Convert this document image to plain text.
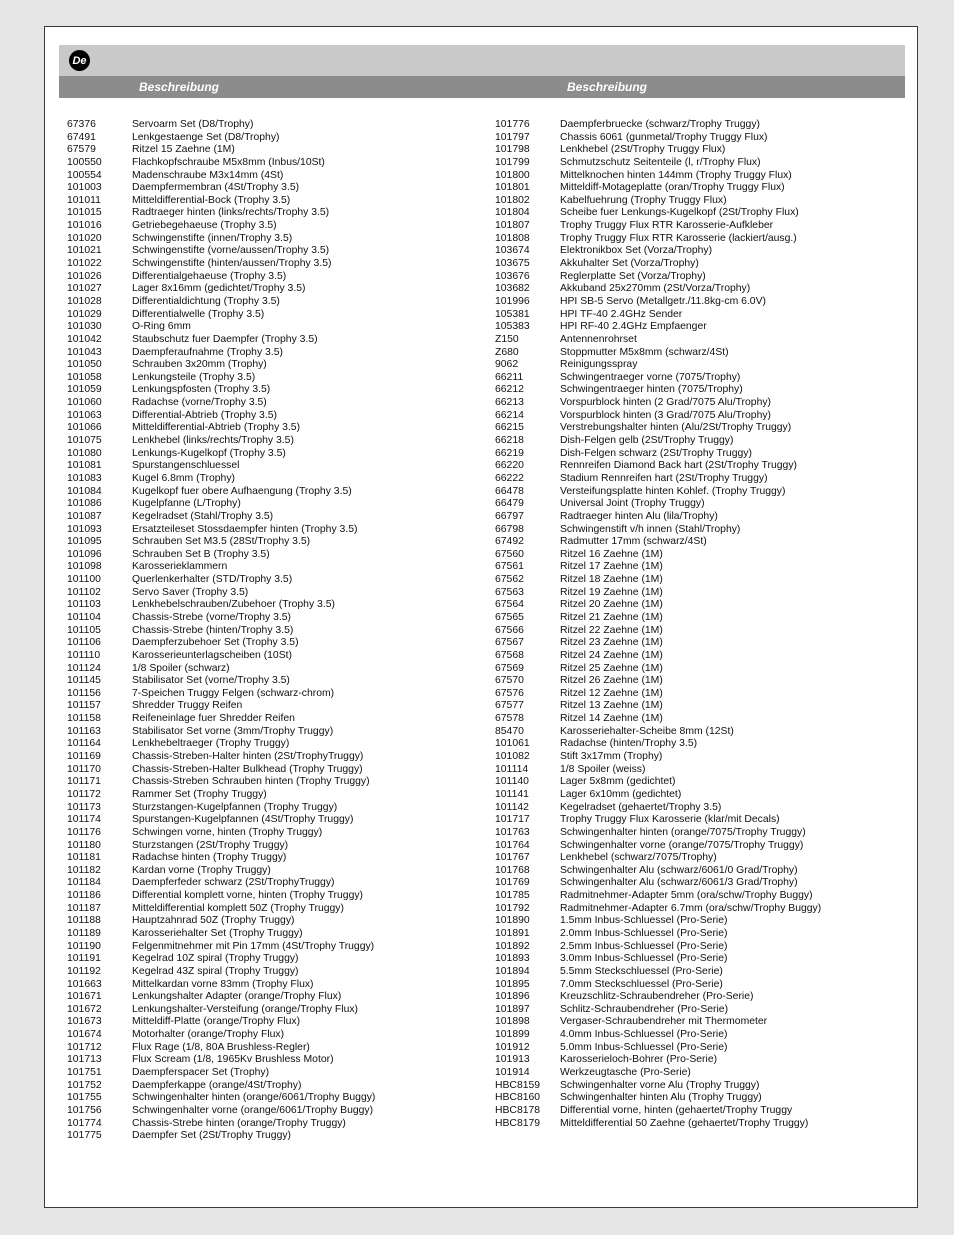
De
Beschreibung	Beschreibung
67376	Servoarm Set (D8/Trophy)
67491	Lenkgestaenge Set (D8/Trophy)
67579	Ritzel 15 Zaehne (1M)
100550	Flachkopfschraube M5x8mm (Inbus/10St)
100554	Madenschraube M3x14mm (4St)
101003	Daempfermembran (4St/Trophy 3.5)
101011	Mitteldifferential-Bock (Trophy 3.5)
101015	Radtraeger hinten (links/rechts/Trophy 3.5)
101016	Getriebegehaeuse (Trophy 3.5)
101020	Schwingenstifte (innen/Trophy 3.5)
101021	Schwingenstifte (vorne/aussen/Trophy 3.5)
101022	Schwingenstifte (hinten/aussen/Trophy 3.5)
101026	Differentialgehaeuse (Trophy 3.5)
101027	Lager 8x16mm (gedichtet/Trophy 3.5)
101028	Differentialdichtung (Trophy 3.5)
101029	Differentialwelle (Trophy 3.5)
101030	O-Ring 6mm
101042	Staubschutz fuer Daempfer (Trophy 3.5)
101043	Daempferaufnahme (Trophy 3.5)
101050	Schrauben 3x20mm (Trophy)
101058	Lenkungsteile (Trophy 3.5)
101059	Lenkungspfosten (Trophy 3.5)
101060	Radachse (vorne/Trophy 3.5)
101063	Differential-Abtrieb (Trophy 3.5)
101066	Mitteldifferential-Abtrieb (Trophy 3.5)
101075	Lenkhebel (links/rechts/Trophy 3.5)
101080	Lenkungs-Kugelkopf (Trophy 3.5)
101081	Spurstangenschluessel
101083	Kugel 6.8mm (Trophy)
101084	Kugelkopf fuer obere Aufhaengung (Trophy 3.5)
101086	Kugelpfanne (L/Trophy)
101087	Kegelradset (Stahl/Trophy 3.5)
101093	Ersatzteileset Stossdaempfer hinten (Trophy 3.5)
101095	Schrauben Set M3.5 (28St/Trophy 3.5)
101096	Schrauben Set B (Trophy 3.5)
101098	Karosserieklammern
101100	Querlenkerhalter (STD/Trophy 3.5)
101102	Servo Saver (Trophy 3.5)
101103	Lenkhebelschrauben/Zubehoer (Trophy 3.5)
101104	Chassis-Strebe (vorne/Trophy 3.5)
101105	Chassis-Strebe (hinten/Trophy 3.5)
101106	Daempferzubehoer Set (Trophy 3.5)
101110	Karosserieunterlagscheiben (10St)
101124	1/8 Spoiler (schwarz)
101145	Stabilisator Set (vorne/Trophy 3.5)
101156	7-Speichen Truggy Felgen (schwarz-chrom)
101157	Shredder Truggy Reifen
101158	Reifeneinlage fuer Shredder Reifen
101163	Stabilisator Set vorne (3mm/Trophy Truggy)
101164	Lenkhebeltraeger (Trophy Truggy)
101169	Chassis-Streben-Halter hinten (2St/TrophyTruggy)
101170	Chassis-Streben-Halter Bulkhead (Trophy Truggy)
101171	Chassis-Streben Schrauben hinten (Trophy Truggy)
101172	Rammer Set (Trophy Truggy)
101173	Sturzstangen-Kugelpfannen (Trophy Truggy)
101174	Spurstangen-Kugelpfannen (4St/Trophy Truggy)
101176	Schwingen vorne, hinten (Trophy Truggy)
101180	Sturzstangen (2St/Trophy Truggy)
101181	Radachse hinten (Trophy Truggy)
101182	Kardan vorne (Trophy Truggy)
101184	Daempferfeder schwarz (2St/TrophyTruggy)
101186	Differential komplett vorne, hinten (Trophy Truggy)
101187	Mitteldifferential komplett 50Z (Trophy Truggy)
101188	Hauptzahnrad 50Z (Trophy Truggy)
101189	Karosseriehalter Set (Trophy Truggy)
101190	Felgenmitnehmer mit Pin 17mm (4St/Trophy Truggy)
101191	Kegelrad 10Z spiral (Trophy Truggy)
101192	Kegelrad 43Z spiral (Trophy Truggy)
101663	Mittelkardan vorne 83mm (Trophy Flux)
101671	Lenkungshalter Adapter (orange/Trophy Flux)
101672	Lenkungshalter-Versteifung (orange/Trophy Flux)
101673	Mitteldiff-Platte (orange/Trophy Flux)
101674	Motorhalter (orange/Trophy Flux)
101712	Flux Rage (1/8, 80A Brushless-Regler)
101713	Flux Scream (1/8, 1965Kv Brushless Motor)
101751	Daempferspacer Set (Trophy)
101752	Daempferkappe (orange/4St/Trophy)
101755	Schwingenhalter hinten (orange/6061/Trophy Buggy)
101756	Schwingenhalter vorne (orange/6061/Trophy Buggy)
101774	Chassis-Strebe hinten (orange/Trophy Truggy)
101775	Daempfer Set (2St/Trophy Truggy)
101776	Daempferbruecke (schwarz/Trophy Truggy)
101797	Chassis 6061 (gunmetal/Trophy Truggy Flux)
101798	Lenkhebel (2St/Trophy Truggy Flux)
101799	Schmutzschutz Seitenteile (l, r/Trophy Flux)
101800	Mittelknochen hinten 144mm (Trophy Truggy Flux)
101801	Mitteldiff-Motageplatte (oran/Trophy Truggy Flux)
101802	Kabelfuehrung (Trophy Truggy Flux)
101804	Scheibe fuer Lenkungs-Kugelkopf (2St/Trophy Flux)
101807	Trophy Truggy Flux RTR Karosserie-Aufkleber
101808	Trophy Truggy Flux RTR Karosserie (lackiert/ausg.)
103674	Elektronikbox Set (Vorza/Trophy)
103675	Akkuhalter Set (Vorza/Trophy)
103676	Reglerplatte Set (Vorza/Trophy)
103682	Akkuband 25x270mm (2St/Vorza/Trophy)
101996	HPI SB-5 Servo (Metallgetr./11.8kg-cm 6.0V)
105381	HPI TF-40 2.4GHz Sender
105383	HPI RF-40 2.4GHz Empfaenger
Z150	Antennenrohrset
Z680	Stoppmutter M5x8mm (schwarz/4St)
9062	Reinigungsspray
66211	Schwingentraeger vorne (7075/Trophy)
66212	Schwingentraeger hinten (7075/Trophy)
66213	Vorspurblock hinten (2 Grad/7075 Alu/Trophy)
66214	Vorspurblock hinten (3 Grad/7075 Alu/Trophy)
66215	Verstrebungshalter hinten (Alu/2St/Trophy Truggy)
66218	Dish-Felgen gelb (2St/Trophy Truggy)
66219	Dish-Felgen schwarz (2St/Trophy Truggy)
66220	Rennreifen Diamond Back hart (2St/Trophy Truggy)
66222	Stadium Rennreifen hart (2St/Trophy Truggy)
66478	Versteifungsplatte hinten Kohlef. (Trophy Truggy)
66479	Universal Joint (Trophy Truggy)
66797	Radtraeger hinten Alu (lila/Trophy)
66798	Schwingenstift v/h innen (Stahl/Trophy)
67492	Radmutter 17mm (schwarz/4St)
67560	Ritzel 16 Zaehne (1M)
67561	Ritzel 17 Zaehne (1M)
67562	Ritzel 18 Zaehne (1M)
67563	Ritzel 19 Zaehne (1M)
67564	Ritzel 20 Zaehne (1M)
67565	Ritzel 21 Zaehne (1M)
67566	Ritzel 22 Zaehne (1M)
67567	Ritzel 23 Zaehne (1M)
67568	Ritzel 24 Zaehne (1M)
67569	Ritzel 25 Zaehne (1M)
67570	Ritzel 26 Zaehne (1M)
67576	Ritzel 12 Zaehne (1M)
67577	Ritzel 13 Zaehne (1M)
67578	Ritzel 14 Zaehne (1M)
85470	Karosseriehalter-Scheibe 8mm (12St)
101061	Radachse (hinten/Trophy 3.5)
101082	Stift 3x17mm (Trophy)
101114	1/8 Spoiler (weiss)
101140	Lager 5x8mm (gedichtet)
101141	Lager 6x10mm (gedichtet)
101142	Kegelradset (gehaertet/Trophy 3.5)
101717	Trophy Truggy Flux Karosserie (klar/mit Decals)
101763	Schwingenhalter hinten (orange/7075/Trophy Truggy)
101764	Schwingenhalter vorne (orange/7075/Trophy Truggy)
101767	Lenkhebel (schwarz/7075/Trophy)
101768	Schwingenhalter Alu (schwarz/6061/0 Grad/Trophy)
101769	Schwingenhalter Alu (schwarz/6061/3 Grad/Trophy)
101785	Radmitnehmer-Adapter 5mm (ora/schw/Trophy Buggy)
101792	Radmitnehmer-Adapter 6.7mm (ora/schw/Trophy Buggy)
101890	1.5mm Inbus-Schluessel (Pro-Serie)
101891	2.0mm Inbus-Schluessel (Pro-Serie)
101892	2.5mm Inbus-Schluessel (Pro-Serie)
101893	3.0mm Inbus-Schluessel (Pro-Serie)
101894	5.5mm Steckschluessel (Pro-Serie)
101895	7.0mm Steckschluessel (Pro-Serie)
101896	Kreuzschlitz-Schraubendreher (Pro-Serie)
101897	Schlitz-Schraubendreher (Pro-Serie)
101898	Vergaser-Schraubendreher mit Thermometer
101899	4.0mm Inbus-Schluessel (Pro-Serie)
101912	5.0mm Inbus-Schluessel (Pro-Serie)
101913	Karosserieloch-Bohrer (Pro-Serie)
101914	Werkzeugtasche (Pro-Serie)
HBC8159 Schwingenhalter vorne Alu (Trophy Truggy)
HBC8160 Schwingenhalter hinten Alu (Trophy Truggy)
HBC8178 Differential vorne, hinten (gehaertet/Trophy Truggy
HBC8179 Mitteldifferential 50 Zaehne (gehaertet/Trophy Truggy)
